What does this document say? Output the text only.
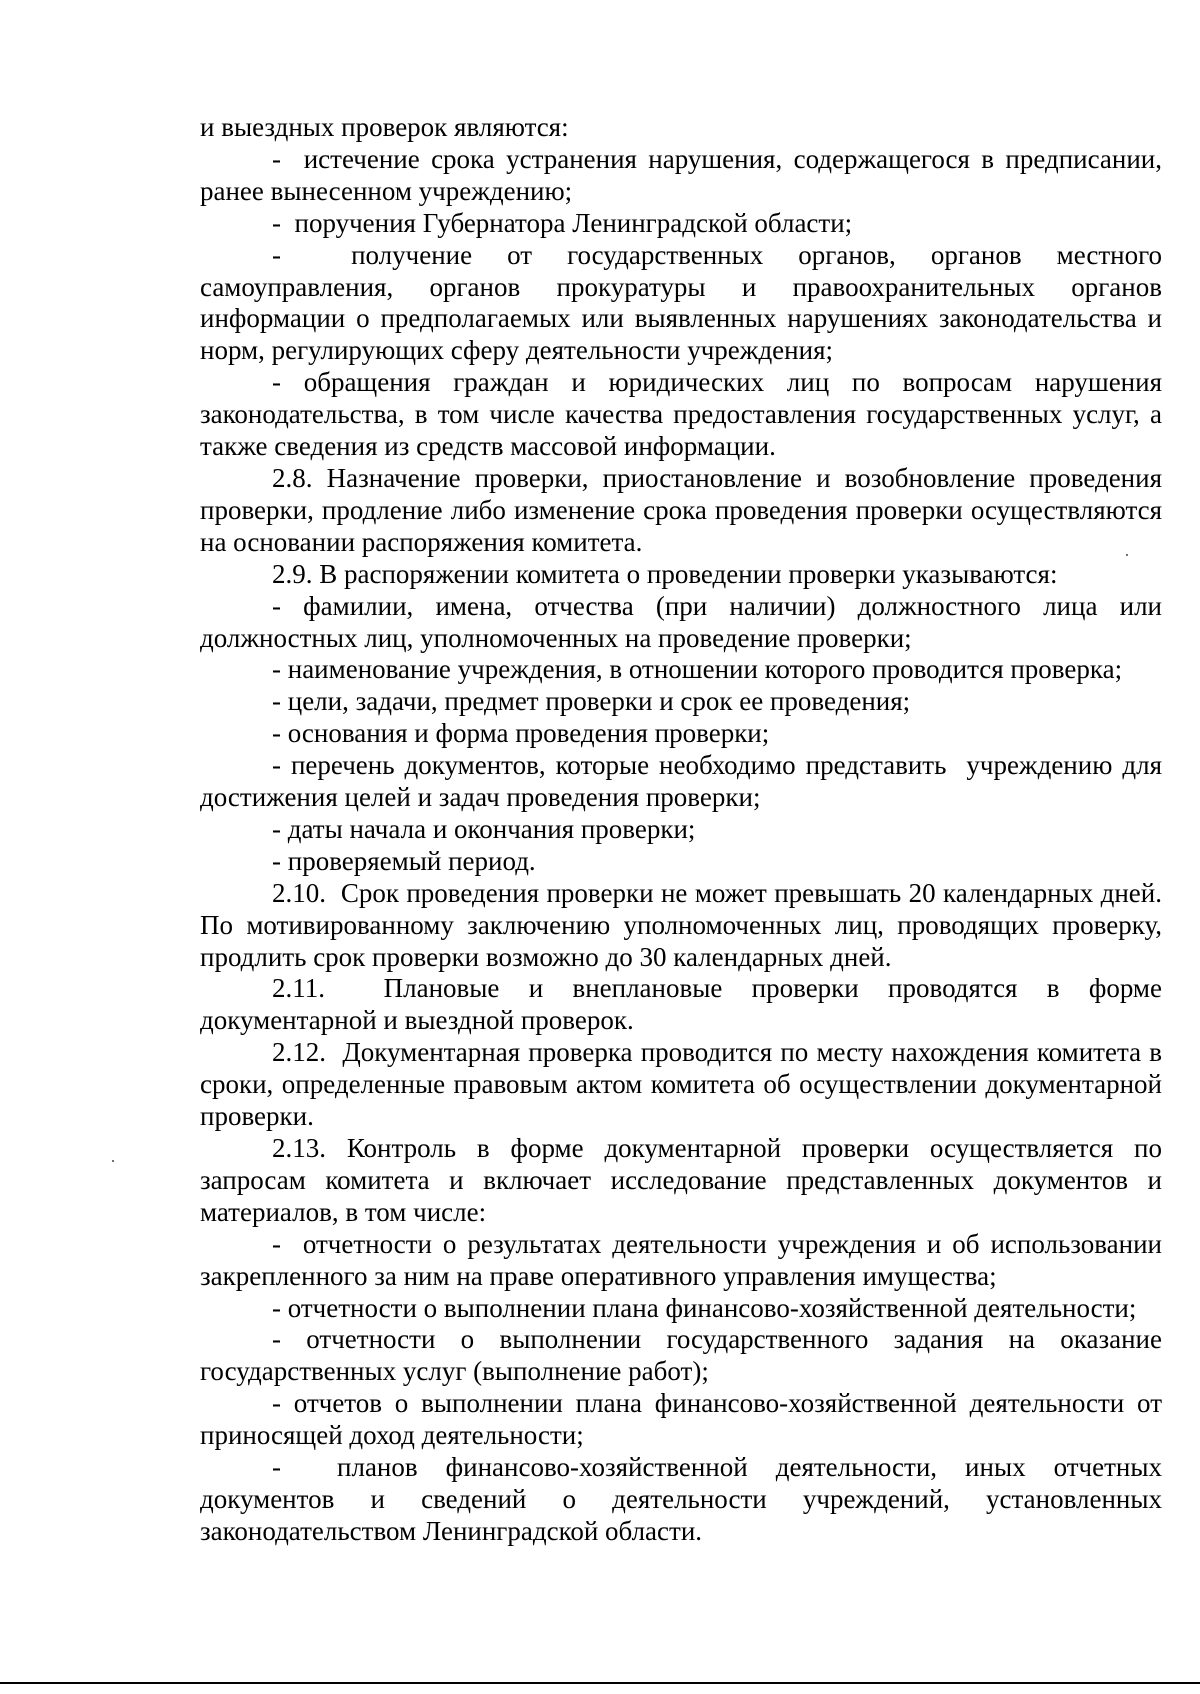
и выездных проверок являются:

-  истечение срока устранения нарушения, содержащегося в предписании, ранее вынесенном учреждению;

-  поручения Губернатора Ленинградской области;

-  получение от государственных органов, органов местного самоуправления, органов прокуратуры и правоохранительных органов информации о предполагаемых или выявленных нарушениях законодательства и норм, регулирующих сферу деятельности учреждения;

- обращения граждан и юридических лиц по вопросам нарушения законодательства, в том числе качества предоставления государственных услуг, а также сведения из средств массовой информации.

2.8. Назначение проверки, приостановление и возобновление проведения проверки, продление либо изменение срока проведения проверки осуществляются на основании распоряжения комитета.

2.9. В распоряжении комитета о проведении проверки указываются:

- фамилии, имена, отчества (при наличии) должностного лица или должностных лиц, уполномоченных на проведение проверки;

- наименование учреждения, в отношении которого проводится проверка;

- цели, задачи, предмет проверки и срок ее проведения;

- основания и форма проведения проверки;

- перечень документов, которые необходимо представить  учреждению для достижения целей и задач проведения проверки;

- даты начала и окончания проверки;

- проверяемый период.

2.10.  Срок проведения проверки не может превышать 20 календарных дней. По мотивированному заключению уполномоченных лиц, проводящих проверку, продлить срок проверки возможно до 30 календарных дней.

2.11.  Плановые и внеплановые проверки проводятся в форме документарной и выездной проверок.

2.12.  Документарная проверка проводится по месту нахождения комитета в сроки, определенные правовым актом комитета об осуществлении документарной проверки.

2.13. Контроль в форме документарной проверки осуществляется по запросам комитета и включает исследование представленных документов и материалов, в том числе:

-  отчетности о результатах деятельности учреждения и об использовании закрепленного за ним на праве оперативного управления имущества;

- отчетности о выполнении плана финансово-хозяйственной деятельности;

- отчетности о выполнении государственного задания на оказание государственных услуг (выполнение работ);

- отчетов о выполнении плана финансово-хозяйственной деятельности от приносящей доход деятельности;

-  планов финансово-хозяйственной деятельности, иных отчетных документов и сведений о деятельности учреждений, установленных законодательством Ленинградской области.
